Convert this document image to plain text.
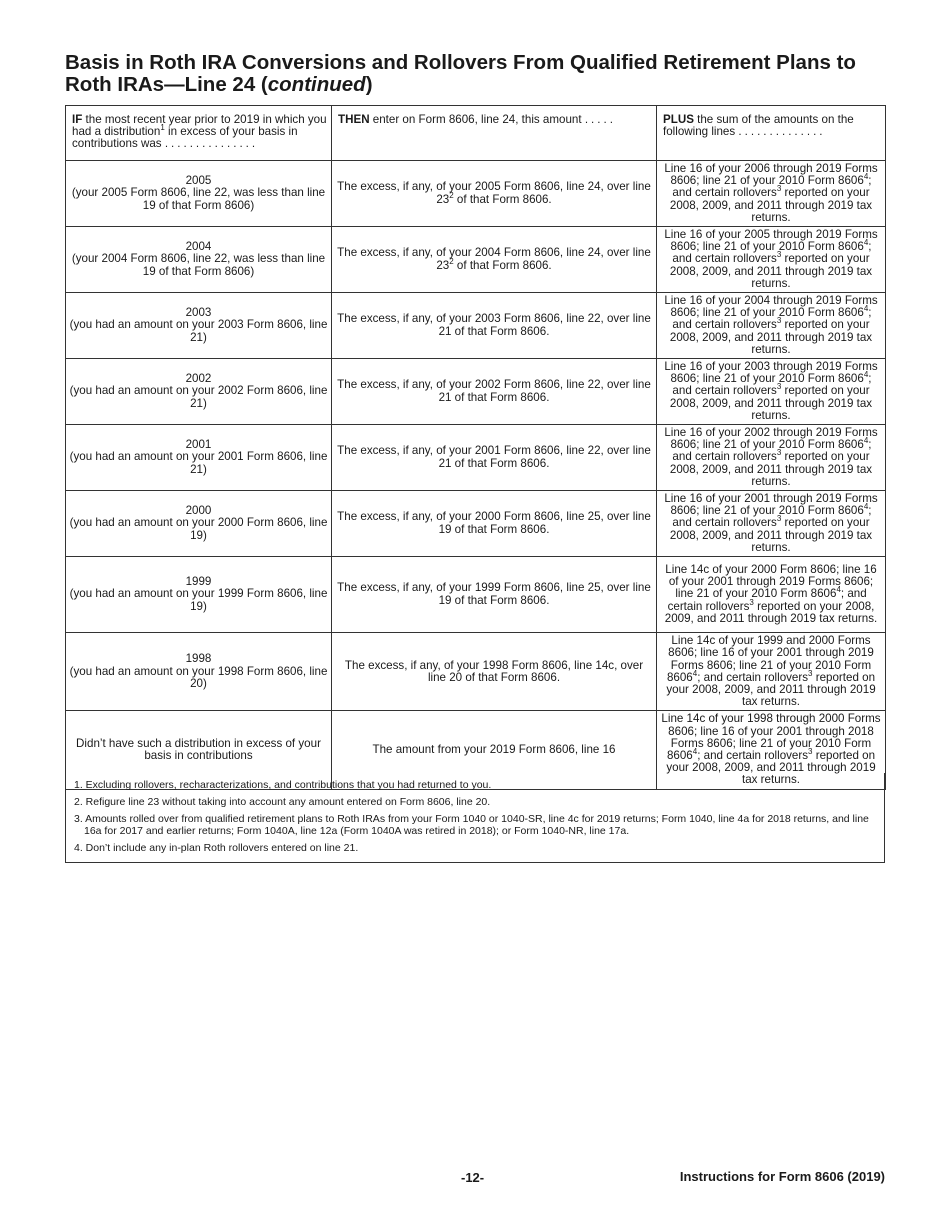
Basis in Roth IRA Conversions and Rollovers From Qualified Retirement Plans to
Roth IRAs—Line 24 (continued)
IF the most recent year prior to 2019 in which you had a distribution$^1$ in excess of your basis in contributions was ...............	THEN enter on Form 8606, line 24, this amount .....	PLUS the sum of the amounts on the following lines ..............
2005
(your 2005 Form 8606, line 22, was less than line 19 of that Form 8606)	The excess, if any, of your 2005 Form 8606, line 24, over line $23^2$ of that Form 8606.	Line 16 of your 2006 through 2019 Forms 8606; line 21 of your 2010 Form 8606$^4$; and certain rollovers$^3$ reported on your 2008, 2009, and 2011 through 2019 tax returns.
2004
(your 2004 Form 8606, line 22, was less than line 19 of that Form 8606)	The excess, if any, of your 2004 Form 8606, line 24, over line $23^2$ of that Form 8606.	Line 16 of your 2005 through 2019 Forms 8606; line 21 of your 2010 Form 8606$^4$; and certain rollovers$^3$ reported on your 2008, 2009, and 2011 through 2019 tax returns.
2003
(you had an amount on your 2003 Form 8606, line 21)	The excess, if any, of your 2003 Form 8606, line 22, over line 21 of that Form 8606.	Line 16 of your 2004 through 2019 Forms 8606; line 21 of your 2010 Form 8606$^4$; and certain rollovers$^3$ reported on your 2008, 2009, and 2011 through 2019 tax returns.
2002
(you had an amount on your 2002 Form 8606, line 21)	The excess, if any, of your 2002 Form 8606, line 22, over line 21 of that Form 8606.	Line 16 of your 2003 through 2019 Forms 8606; line 21 of your 2010 Form 8606$^4$; and certain rollovers$^3$ reported on your 2008, 2009, and 2011 through 2019 tax returns.
2001
(you had an amount on your 2001 Form 8606, line 21)	The excess, if any, of your 2001 Form 8606, line 22, over line 21 of that Form 8606.	Line 16 of your 2002 through 2019 Forms 8606; line 21 of your 2010 Form 8606$^4$; and certain rollovers$^3$ reported on your 2008, 2009, and 2011 through 2019 tax returns.
2000
(you had an amount on your 2000 Form 8606, line 19)	The excess, if any, of your 2000 Form 8606, line 25, over line 19 of that Form 8606.	Line 16 of your 2001 through 2019 Forms 8606; line 21 of your 2010 Form 8606$^4$; and certain rollovers$^3$ reported on your 2008, 2009, and 2011 through 2019 tax returns.
1999
(you had an amount on your 1999 Form 8606, line 19)	The excess, if any, of your 1999 Form 8606, line 25, over line 19 of that Form 8606.	Line 14c of your 2000 Form 8606; line 16 of your 2001 through 2019 Forms 8606; line 21 of your 2010 Form 8606$^4$; and certain rollovers$^3$ reported on your 2008, 2009, and 2011 through 2019 tax returns.
1998
(you had an amount on your 1998 Form 8606, line 20)	The excess, if any, of your 1998 Form 8606, line 14c, over line 20 of that Form 8606.	Line 14c of your 1999 and 2000 Forms 8606; line 16 of your 2001 through 2019 Forms 8606; line 21 of your 2010 Form 8606$^4$; and certain rollovers$^3$ reported on your 2008, 2009, and 2011 through 2019 tax returns.
Didn’t have such a distribution in excess of your basis in contributions	The amount from your 2019 Form 8606, line 16	Line 14c of your 1998 through 2000 Forms 8606; line 16 of your 2001 through 2018 Forms 8606; line 21 of your 2010 Form 8606$^4$; and certain rollovers$^3$ reported on your 2008, 2009, and 2011 through 2019 tax returns.

1. Excluding rollovers, recharacterizations, and contributions that you had returned to you.

2. Refigure line 23 without taking into account any amount entered on Form 8606, line 20.

3. Amounts rolled over from qualified retirement plans to Roth IRAs from your Form 1040 or 1040-SR, line 4c for 2019 returns; Form 1040, line 4a for 2018 returns, and line 16a for 2017 and earlier returns; Form 1040A, line 12a (Form 1040A was retired in 2018); or Form 1040-NR, line 17a.

4. Don’t include any in-plan Roth rollovers entered on line 21.

-12-	Instructions for Form 8606 (2019)
